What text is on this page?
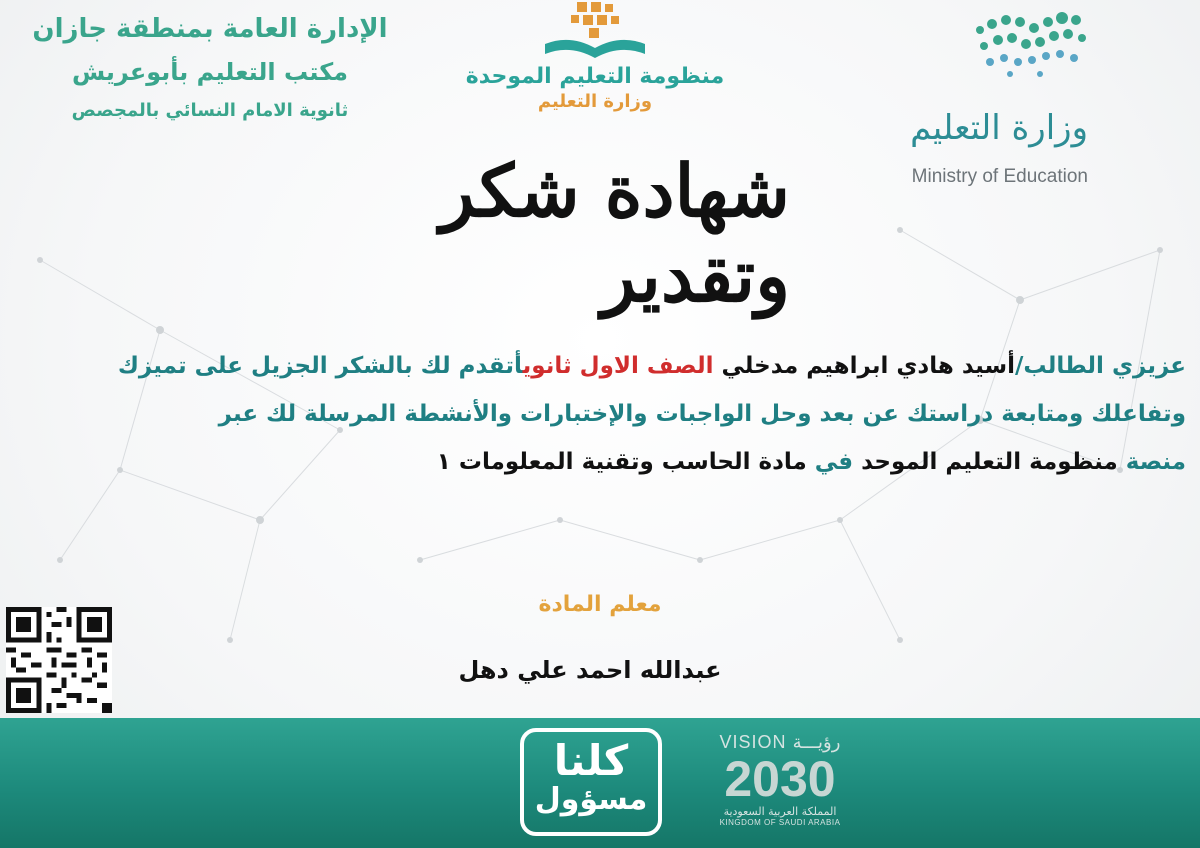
الإدارة العامة بمنطقة جازان
مكتب التعليم بأبوعريش
ثانوية الامام النسائي بالمجصص
منظومة التعليم الموحدة
وزارة التعليم
وزارة التعليم
Ministry of Education
شهادة شكر وتقدير
عزيزي الطالب/أسيد هادي ابراهيم مدخلي الصف الاول ثانويأتقدم لك بالشكر الجزيل على تميزك
وتفاعلك ومتابعة دراستك عن بعد وحل الواجبات والإختبارات والأنشطة المرسلة لك عبر
منصة منظومة التعليم الموحد في مادة الحاسب وتقنية المعلومات ١
معلم المادة
عبدالله احمد علي دهل
كلنا
مسؤول
VISION رؤيـــة
2030
المملكة العربية السعودية
KINGDOM OF SAUDI ARABIA
